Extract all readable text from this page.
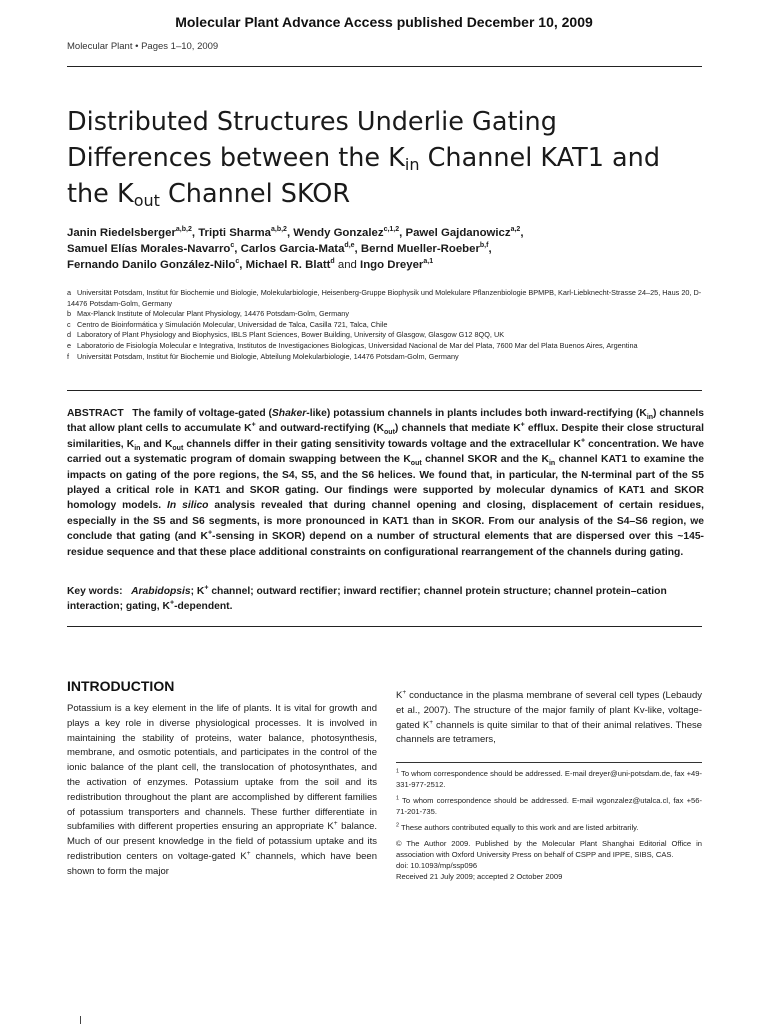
Molecular Plant Advance Access published December 10, 2009
Molecular Plant • Pages 1–10, 2009
Distributed Structures Underlie Gating
Differences between the $K_{in}$ Channel KAT1 and
the $K_{out}$ Channel SKOR
Janin Riedelsberger$^{a,b,2}$, Tripti Sharma$^{a,b,2}$, Wendy Gonzalez$^{c,1,2}$, Pawel Gajdanowicz$^{a,2}$,
Samuel Elías Morales-Navarro$^c$, Carlos Garcia-Mata$^{d,e}$, Bernd Mueller-Roeber$^{b,f}$,
Fernando Danilo González-Nilo$^c$, Michael R. Blatt$^d$ and Ingo Dreyer$^{a,1}$

a Universität Potsdam, Institut für Biochemie und Biologie, Molekularbiologie, Heisenberg-Gruppe Biophysik und Molekulare Pflanzenbiologie BPMPB, Karl-Liebknecht-Strasse 24–25, Haus 20, D-14476 Potsdam-Golm, Germany

b Max-Planck Institute of Molecular Plant Physiology, 14476 Potsdam-Golm, Germany

c Centro de Bioinformática y Simulación Molecular, Universidad de Talca, Casilla 721, Talca, Chile

d Laboratory of Plant Physiology and Biophysics, IBLS Plant Sciences, Bower Building, University of Glasgow, Glasgow G12 8QQ, UK

e Laboratorio de Fisiología Molecular e Integrativa, Institutos de Investigaciones Biologicas, Universidad Nacional de Mar del Plata, 7600 Mar del Plata Buenos Aires, Argentina

f Universität Potsdam, Institut für Biochemie und Biologie, Abteilung Molekularbiologie, 14476 Potsdam-Golm, Germany

ABSTRACT The family of voltage-gated (Shaker-like) potassium channels in plants includes both inward-rectifying $(K_{in})$ channels that allow plant cells to accumulate K+ and outward-rectifying $(K_{out})$ channels that mediate K+ efflux. Despite their close structural similarities, $K_{in}$ and $K_{out}$ channels differ in their gating sensitivity towards voltage and the extracellular K+ concentration. We have carried out a systematic program of domain swapping between the $K_{out}$ channel SKOR and the $K_{in}$ channel KAT1 to examine the impacts on gating of the pore regions, the S4, S5, and the S6 helices. We found that, in particular, the N-terminal part of the S5 played a critical role in KAT1 and SKOR gating. Our findings were supported by molecular dynamics of KAT1 and SKOR homology models. In silico analysis revealed that during channel opening and closing, displacement of certain residues, especially in the S5 and S6 segments, is more pronounced in KAT1 than in SKOR. From our analysis of the S4–S6 region, we conclude that gating (and K+-sensing in SKOR) depend on a number of structural elements that are dispersed over this ~145-residue sequence and that these place additional constraints on configurational rearrangement of the channels during gating.
Key words: Arabidopsis; K+ channel; outward rectifier; inward rectifier; channel protein structure; channel protein–cation interaction; gating, K+-dependent.
INTRODUCTION
Potassium is a key element in the life of plants. It is vital for growth and plays a key role in diverse physiological processes. It is involved in maintaining the stability of proteins, water balance, photosynthesis, membrane, and osmotic potentials, and participates in the control of the ionic balance of the plant cell, the translocation of photosynthates, and the activation of enzymes. Potassium uptake from the soil and its redistribution throughout the plant are accomplished by different families of potassium transporters and channels. These further differentiate in subfamilies with different properties ensuring an appropriate K+ balance. Much of our present knowledge in the field of potassium uptake and its redistribution centers on voltage-gated K+ channels, which have been shown to form the major
K+ conductance in the plasma membrane of several cell types (Lebaudy et al., 2007). The structure of the major family of plant Kv-like, voltage-gated K+ channels is quite similar to that of their animal relatives. These channels are tetramers,

$^1$ To whom correspondence should be addressed. E-mail dreyer@uni-potsdam.de, fax +49-331-977-2512.

$^1$ To whom correspondence should be addressed. E-mail wgonzalez@utalca.cl, fax +56-71-201-735.

$^2$ These authors contributed equally to this work and are listed arbitrarily.

© The Author 2009. Published by the Molecular Plant Shanghai Editorial Office in association with Oxford University Press on behalf of CSPP and IPPE, SIBS, CAS.

doi: 10.1093/mp/ssp096
Received 21 July 2009; accepted 2 October 2009
